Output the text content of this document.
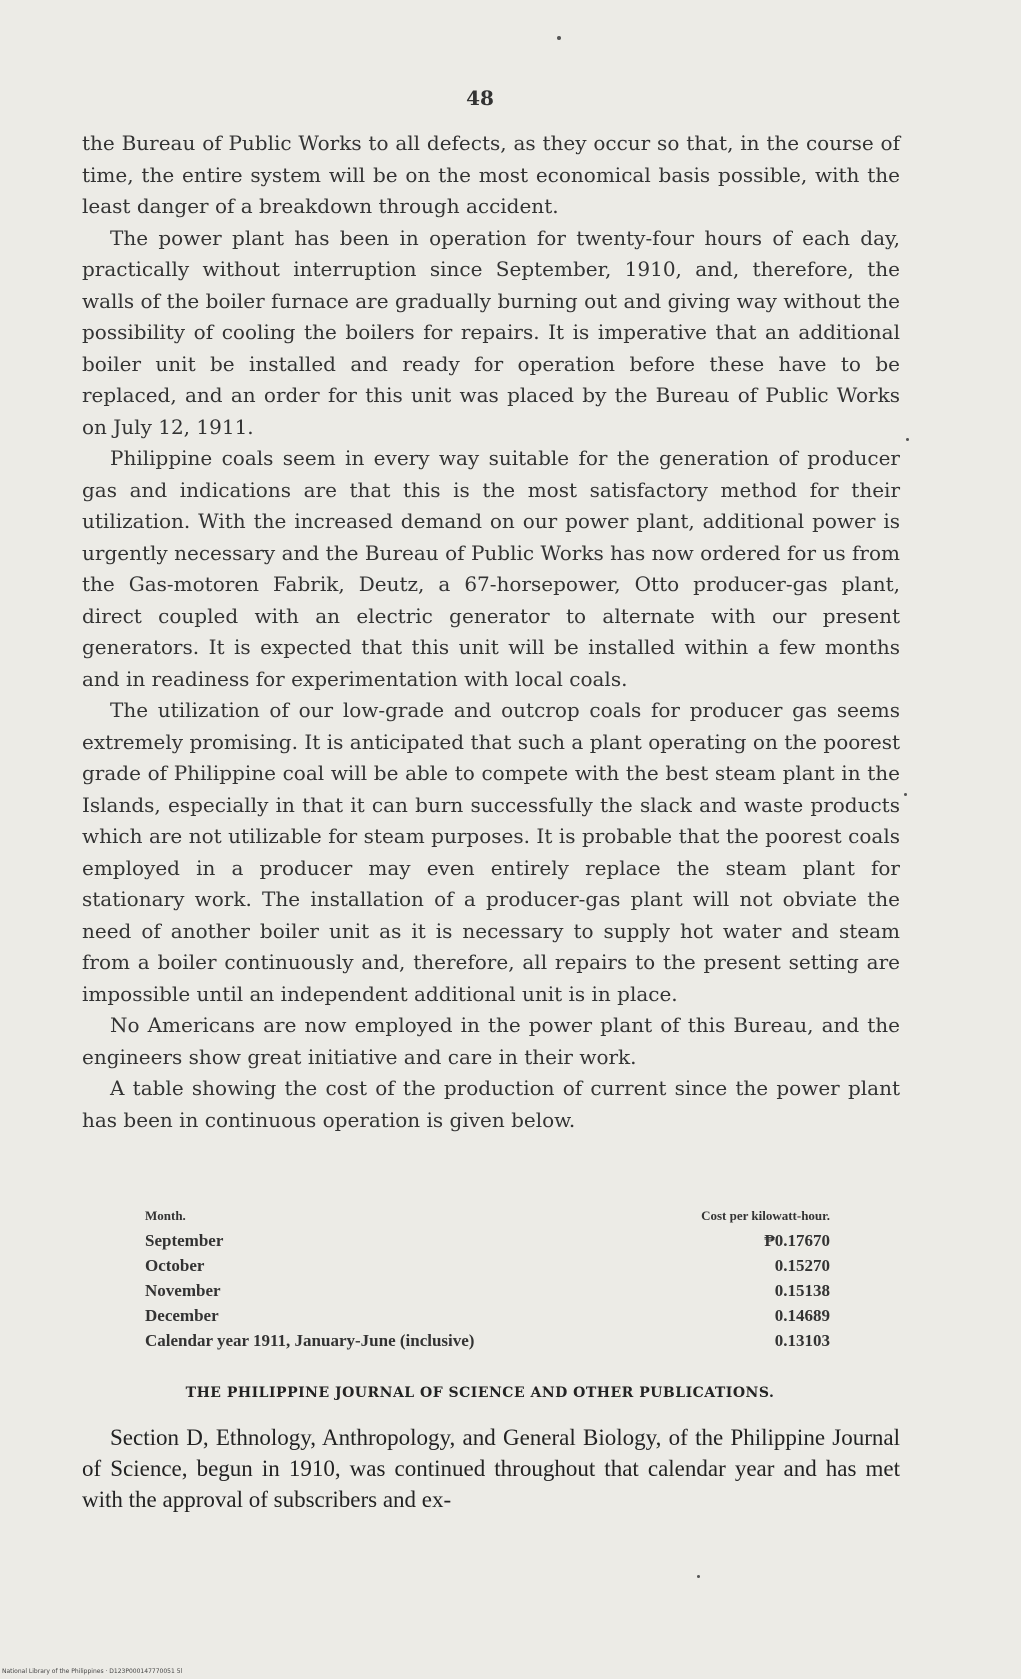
48

the Bureau of Public Works to all defects, as they occur so that, in the course of time, the entire system will be on the most economical basis possible, with the least danger of a breakdown through accident.

The power plant has been in operation for twenty-four hours of each day, practically without interruption since September, 1910, and, therefore, the walls of the boiler furnace are gradually burning out and giving way without the possibility of cooling the boilers for repairs. It is imperative that an additional boiler unit be installed and ready for operation before these have to be replaced, and an order for this unit was placed by the Bureau of Public Works on July 12, 1911.

Philippine coals seem in every way suitable for the generation of producer gas and indications are that this is the most satisfactory method for their utilization. With the increased demand on our power plant, additional power is urgently necessary and the Bureau of Public Works has now ordered for us from the Gas-motoren Fabrik, Deutz, a 67-horsepower, Otto producer-gas plant, direct coupled with an electric generator to alternate with our present generators. It is expected that this unit will be installed within a few months and in readiness for experimentation with local coals.

The utilization of our low-grade and outcrop coals for producer gas seems extremely promising. It is anticipated that such a plant operating on the poorest grade of Philippine coal will be able to compete with the best steam plant in the Islands, especially in that it can burn successfully the slack and waste products which are not utilizable for steam purposes. It is probable that the poorest coals employed in a producer may even entirely replace the steam plant for stationary work. The installation of a producer-gas plant will not obviate the need of another boiler unit as it is necessary to supply hot water and steam from a boiler continuously and, therefore, all repairs to the present setting are impossible until an independent additional unit is in place.

No Americans are now employed in the power plant of this Bureau, and the engineers show great initiative and care in their work.

A table showing the cost of the production of current since the power plant has been in continuous operation is given below.

Month.	Cost per kilowatt-hour.
September	₱0.17670
October	0.15270
November	0.15138
December	0.14689
Calendar year 1911, January-June (inclusive)	0.13103
THE PHILIPPINE JOURNAL OF SCIENCE AND OTHER PUBLICATIONS.

Section D, Ethnology, Anthropology, and General Biology, of the Philippine Journal of Science, begun in 1910, was continued throughout that calendar year and has met with the approval of subscribers and ex-

National Library of the Philippines · D123P000147770051 5l
